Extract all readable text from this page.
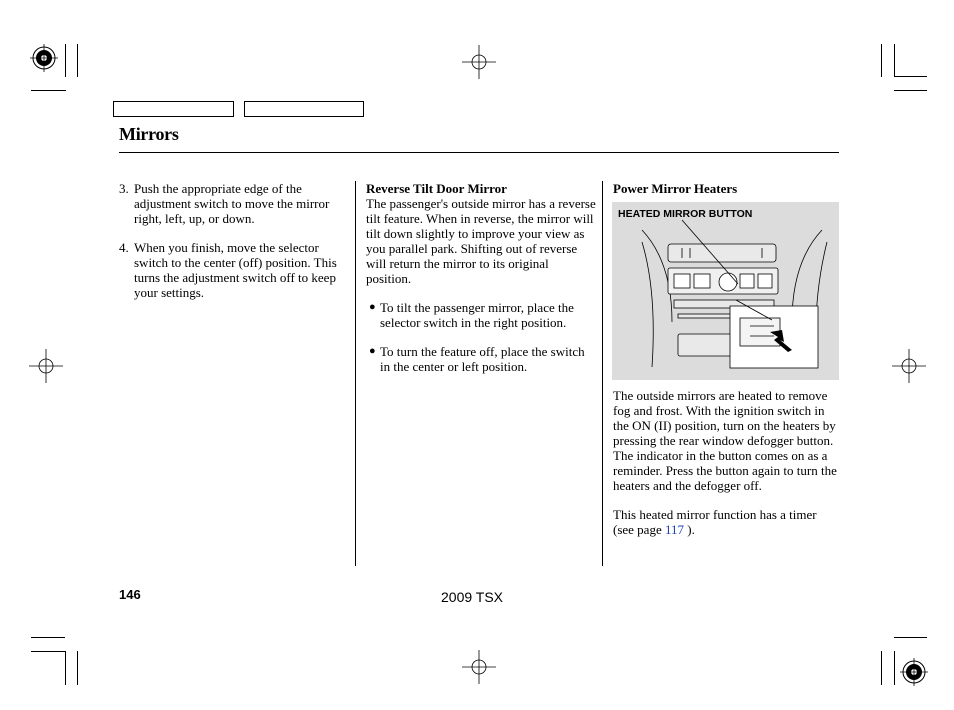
Mirrors
3. Push the appropriate edge of the adjustment switch to move the mirror right, left, up, or down.
4. When you finish, move the selector switch to the center (off) position. This turns the adjustment switch off to keep your settings.
Reverse Tilt Door Mirror
The passenger's outside mirror has a reverse tilt feature. When in reverse, the mirror will tilt down slightly to improve your view as you parallel park. Shifting out of reverse will return the mirror to its original position.
● To tilt the passenger mirror, place the selector switch in the right position.
● To turn the feature off, place the switch in the center or left position.
Power Mirror Heaters
HEATED MIRROR BUTTON
The outside mirrors are heated to remove fog and frost. With the ignition switch in the ON (II) position, turn on the heaters by pressing the rear window defogger button. The indicator in the button comes on as a reminder. Press the button again to turn the heaters and the defogger off.
This heated mirror function has a timer (see page 117 ).
146	2009 TSX
